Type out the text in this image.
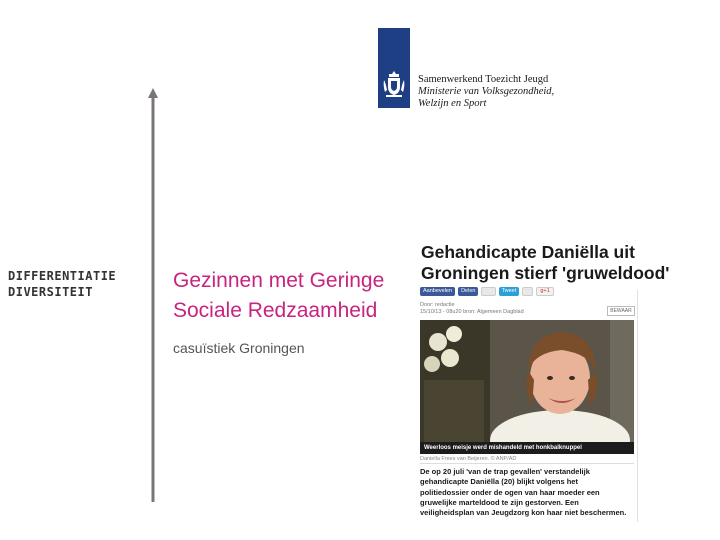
Samenwerkend Toezicht Jeugd
Ministerie van Volksgezondheid,
Welzijn en Sport
DIFFERENTIATIE
DIVERSITEIT	Gezinnen met Geringe
Sociale Redzaamheid
casuïstiek Groningen
Gehandicapte Daniëlla uit
Groningen stierf 'gruweldood'
Aanbevelen	Delen
	Tweet
	g+1
Door: redactie
15/10/13 - 08u20 bron: Algemeen Dagblad	BEWAAR
Weerloos meisje werd mishandeld met honkbalknuppel
Daniella Frees van Beijeren. © ANP/AD
De op 20 juli 'van de trap gevallen' verstandelijk
gehandicapte Daniëlla (20) blijkt volgens het
politiedossier onder de ogen van haar moeder een
gruwelijke marteldood te zijn gestorven. Een
veiligheidsplan van Jeugdzorg kon haar niet beschermen.
